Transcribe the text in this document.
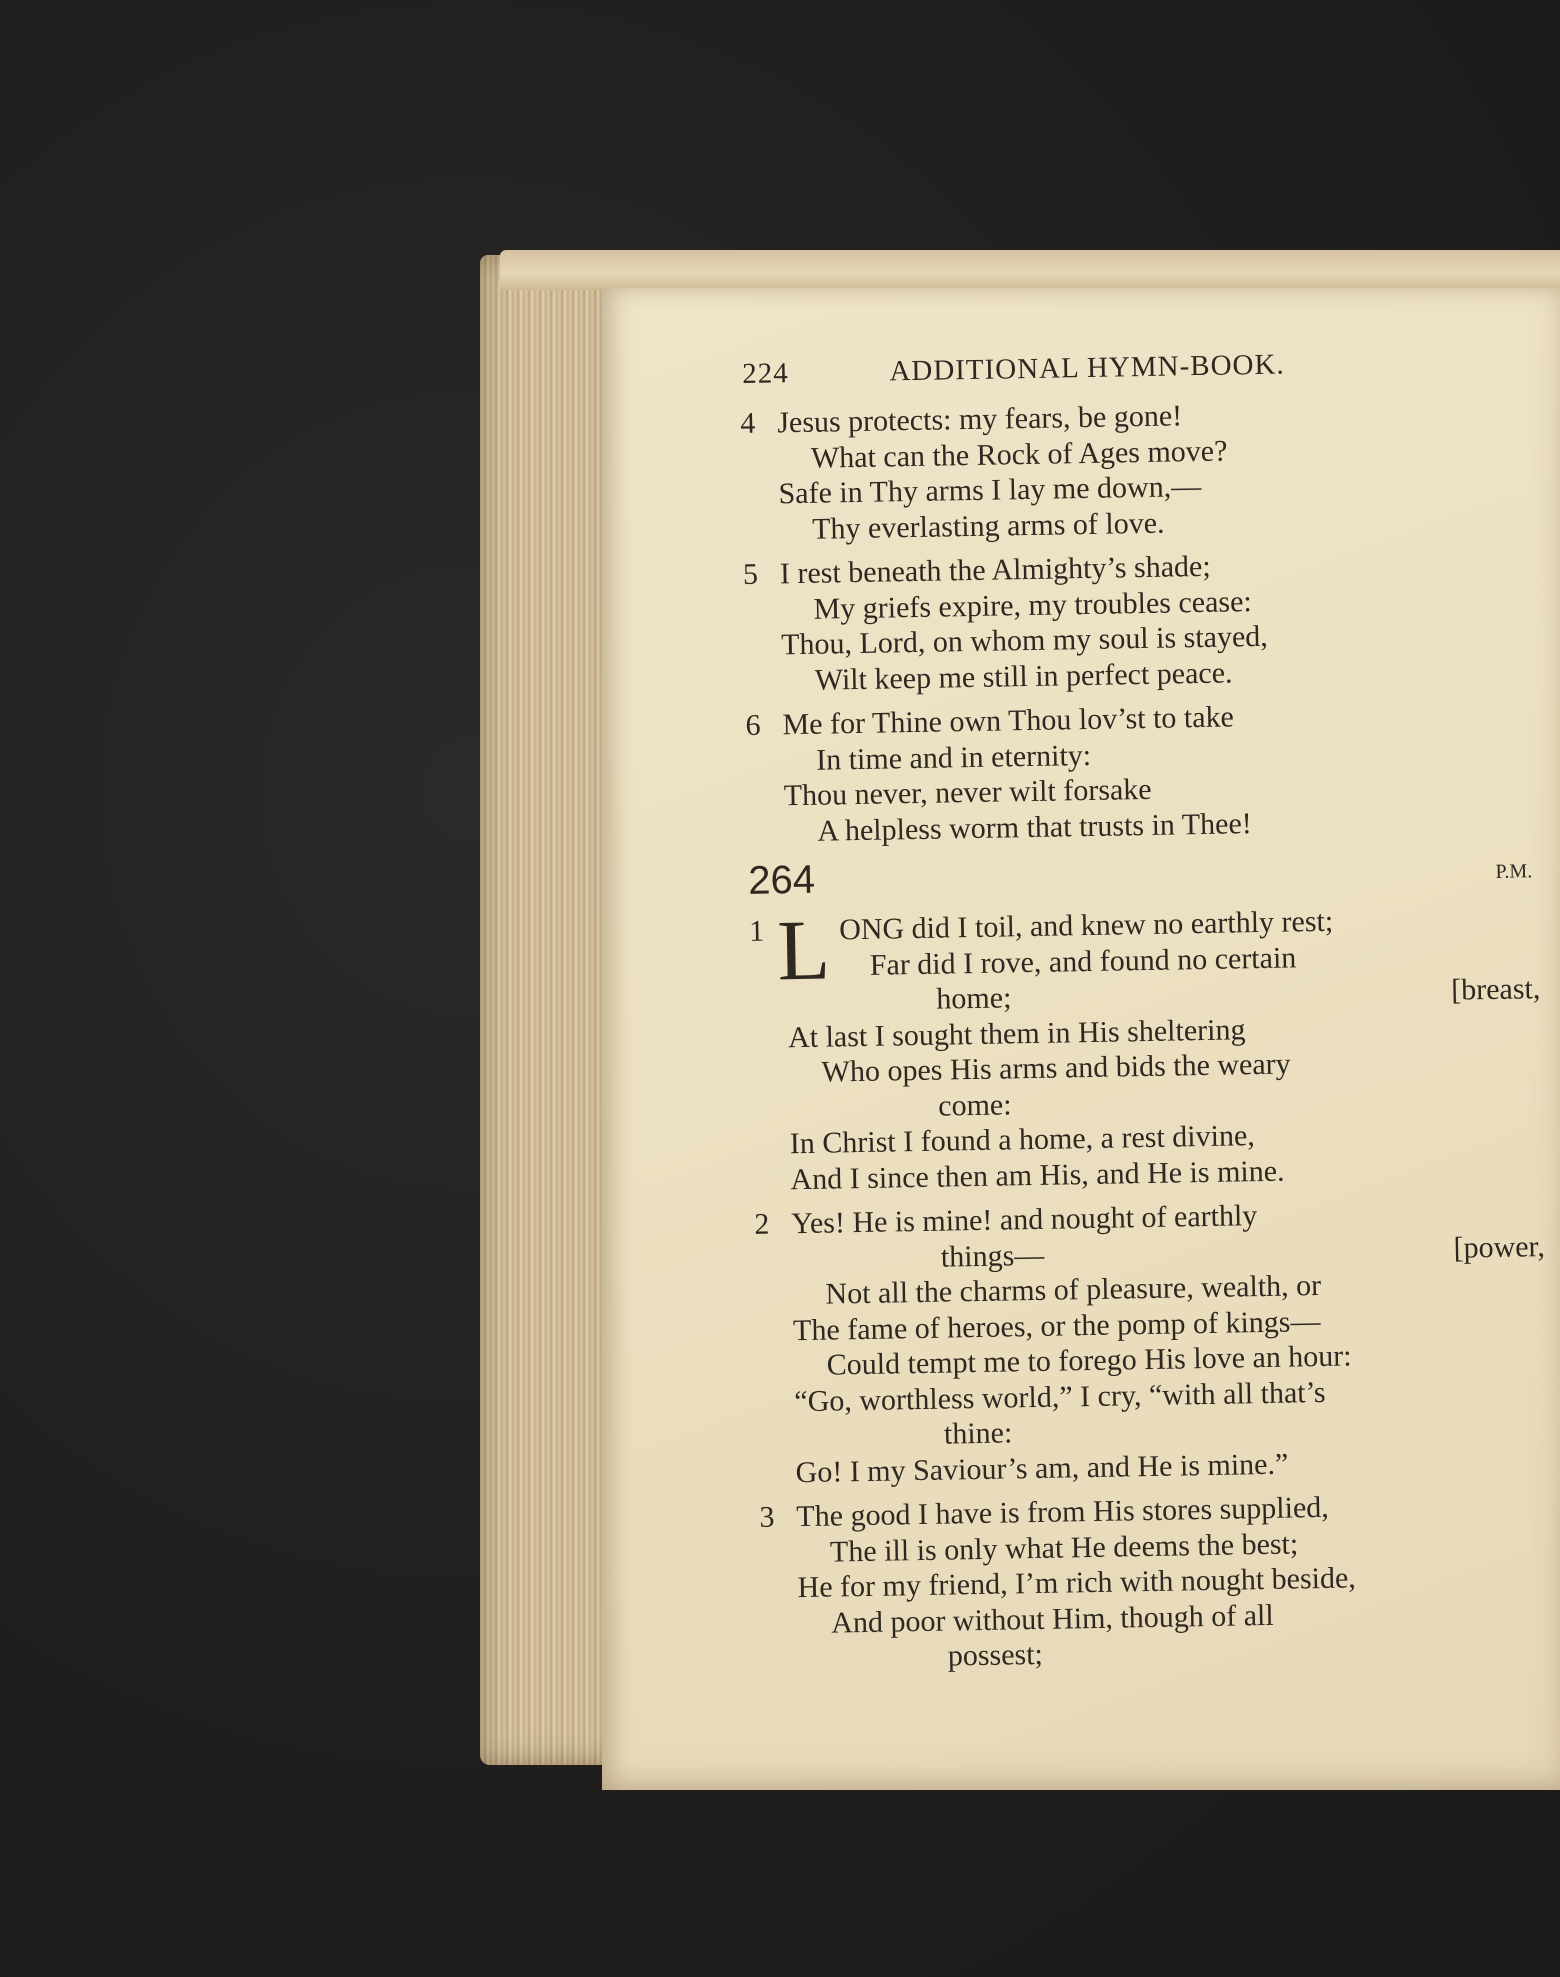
224	ADDITIONAL HYMN-BOOK.
4 Jesus protects: my fears, be gone!
What can the Rock of Ages move?
Safe in Thy arms I lay me down,—
Thy everlasting arms of love.
5 I rest beneath the Almighty’s shade;
My griefs expire, my troubles cease:
Thou, Lord, on whom my soul is stayed,
Wilt keep me still in perfect peace.
6 Me for Thine own Thou lov’st to take
In time and in eternity:
Thou never, never wilt forsake
A helpless worm that trusts in Thee!
264	P.M.
1 L ONG did I toil, and knew no earthly rest;
Far did I rove, and found no certain
home;	[breast,
At last I sought them in His sheltering
Who opes His arms and bids the weary
come:
In Christ I found a home, a rest divine,
And I since then am His, and He is mine.
2 Yes! He is mine! and nought of earthly
things—	[power,
Not all the charms of pleasure, wealth, or
The fame of heroes, or the pomp of kings—
Could tempt me to forego His love an hour:
“Go, worthless world,” I cry, “with all that’s
thine:
Go! I my Saviour’s am, and He is mine.”
3 The good I have is from His stores supplied,
The ill is only what He deems the best;
He for my friend, I’m rich with nought beside,
And poor without Him, though of all
possest;
